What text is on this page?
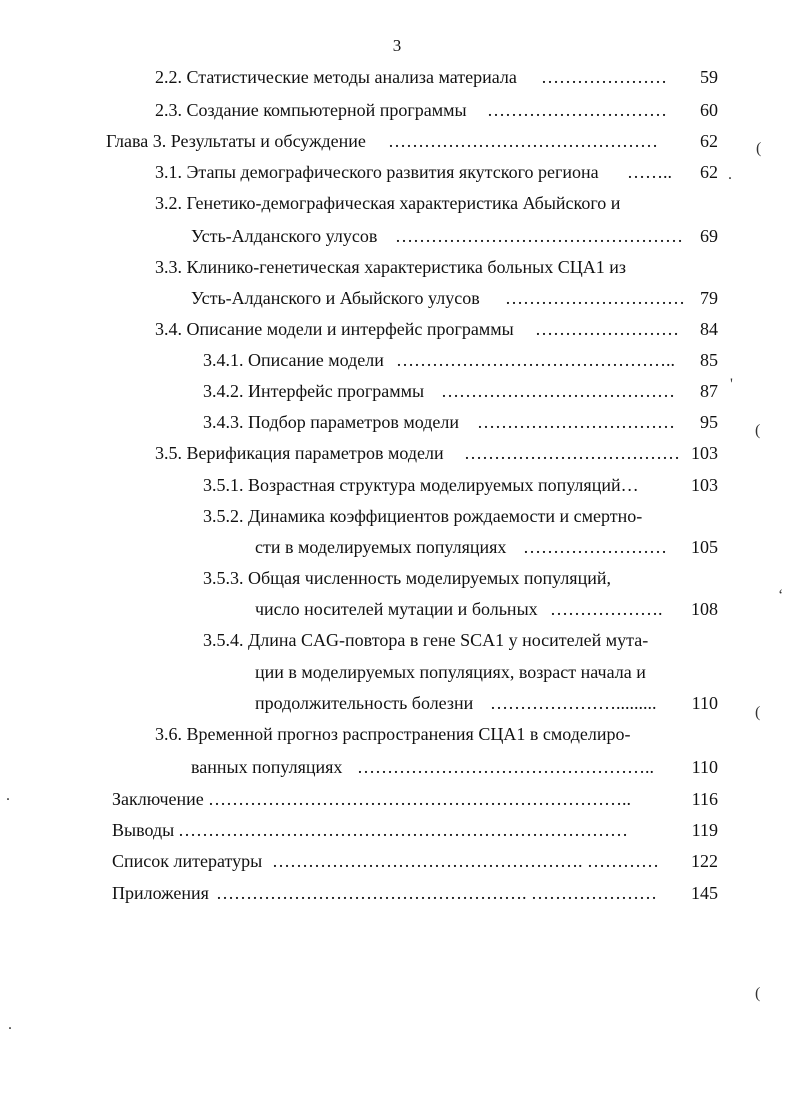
3
2.2. Статистические методы анализа материала ………………… 59
2.3. Создание компьютерной программы ………………………… 60
Глава 3. Результаты и обсуждение ……………………………………… 62
3.1. Этапы демографического развития якутского региона …….. 62
3.2. Генетико-демографическая характеристика Абыйского и
Усть-Алданского улусов ………………………………………… 69
3.3. Клинико-генетическая характеристика больных СЦА1 из
Усть-Алданского и Абыйского улусов ………………………… 79
3.4. Описание модели и интерфейс программы …………………… 84
3.4.1. Описание модели ……………………………………….. 85
3.4.2. Интерфейс программы ………………………………… 87
3.4.3. Подбор параметров модели …………………………… 95
3.5. Верификация параметров модели ……………………………… 103
3.5.1. Возрастная структура моделируемых популяций…	103
3.5.2. Динамика коэффициентов рождаемости и смертно-
сти в моделируемых популяциях …………………… 105
3.5.3. Общая численность моделируемых популяций,
число носителей мутации и больных ………………. 108
3.5.4. Длина CAG-повтора в гене SCA1 у носителей мута-
ции в моделируемых популяциях, возраст начала и
продолжительность болезни …………………......... 110
3.6. Временной прогноз распространения СЦА1 в смоделиро-
ванных популяциях ………………………………………….. 110
Заключение ……………………………………………………………..	116
Выводы …………………………………………………………………	119
Список литературы ……………………………………………. ………… 122
Приложения ……………………………………………. ………………… 145
(
(
(
(
.
'
‘
.
.
